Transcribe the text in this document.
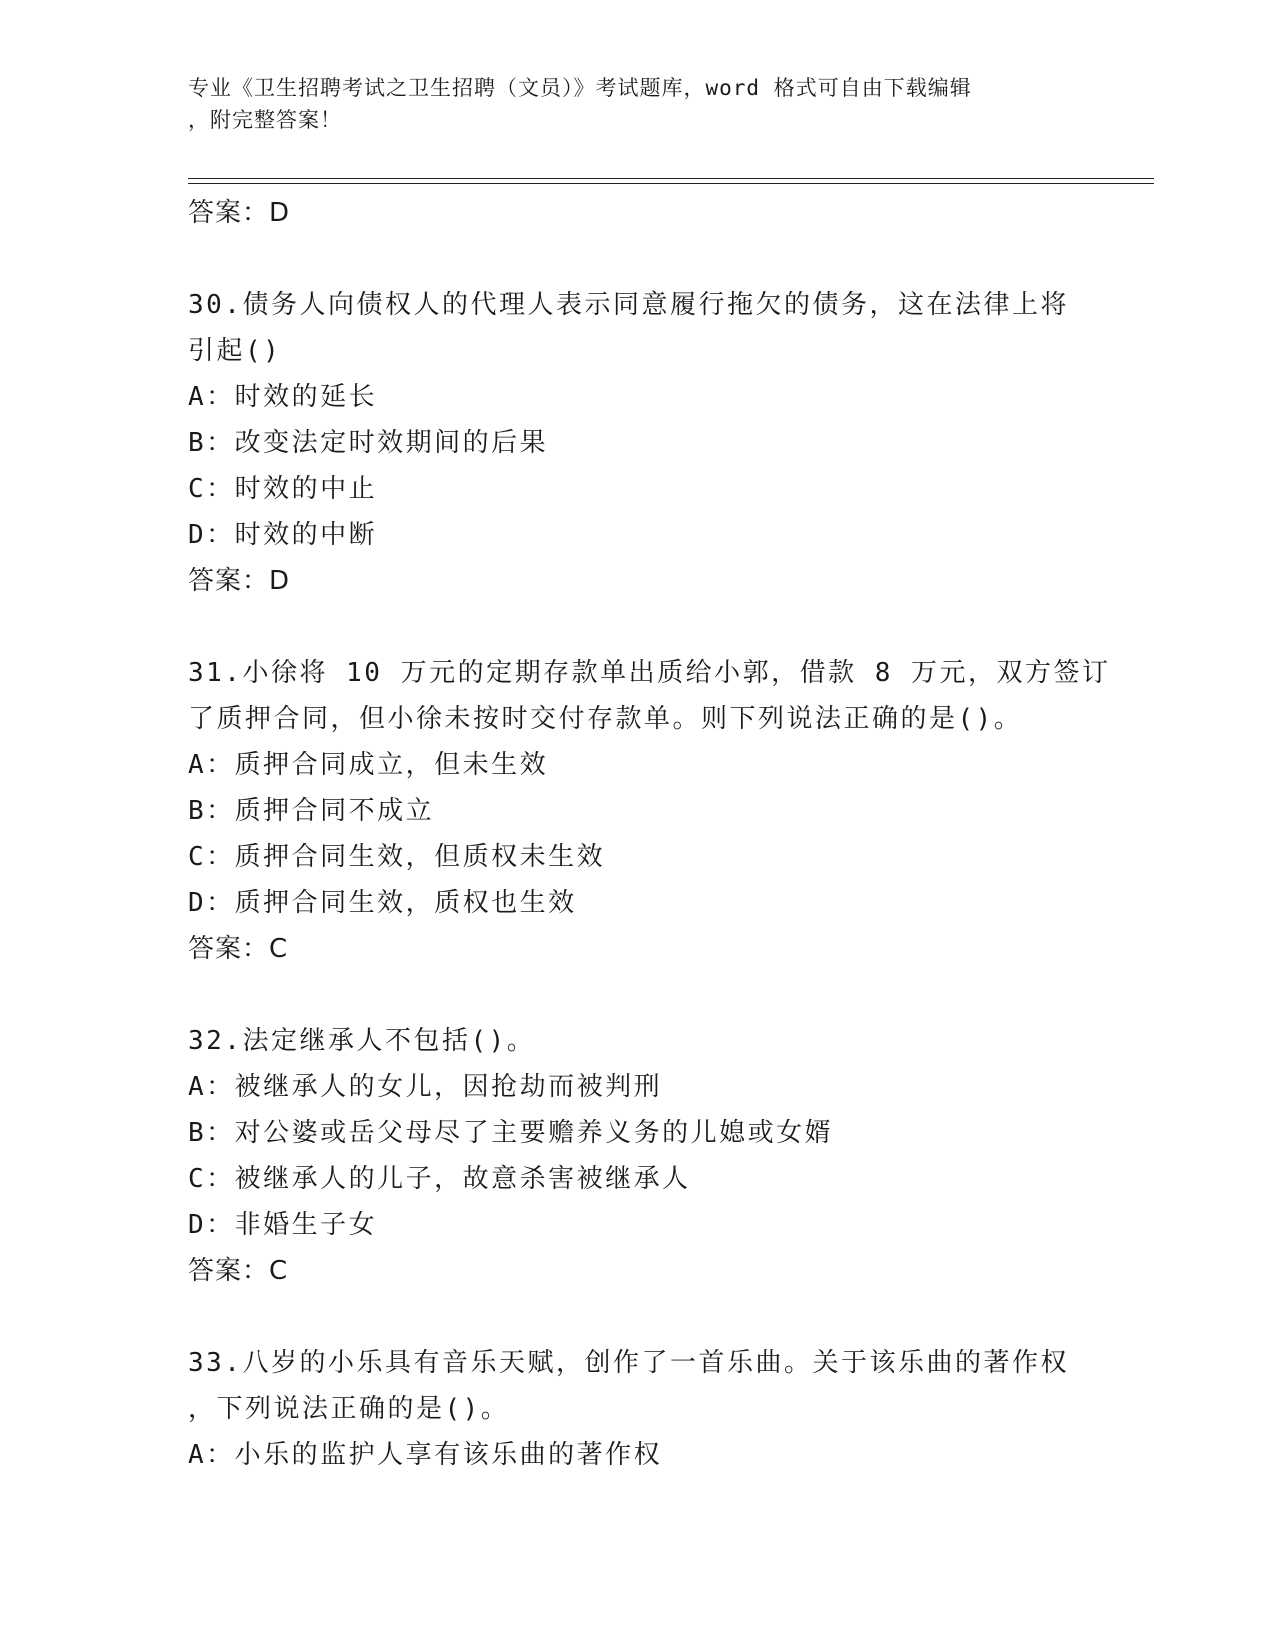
专业《卫生招聘考试之卫生招聘（文员）》考试题库，word 格式可自由下载编辑
，附完整答案！
答案：D
30.债务人向债权人的代理人表示同意履行拖欠的债务，这在法律上将
引起()
A：时效的延长
B：改变法定时效期间的后果
C：时效的中止
D：时效的中断
答案：D
31.小徐将 10 万元的定期存款单出质给小郭，借款 8 万元，双方签订
了质押合同，但小徐未按时交付存款单。则下列说法正确的是()。
A：质押合同成立，但未生效
B：质押合同不成立
C：质押合同生效，但质权未生效
D：质押合同生效，质权也生效
答案：C
32.法定继承人不包括()。
A：被继承人的女儿，因抢劫而被判刑
B：对公婆或岳父母尽了主要赡养义务的儿媳或女婿
C：被继承人的儿子，故意杀害被继承人
D：非婚生子女
答案：C
33.八岁的小乐具有音乐天赋，创作了一首乐曲。关于该乐曲的著作权
，下列说法正确的是()。
A：小乐的监护人享有该乐曲的著作权
